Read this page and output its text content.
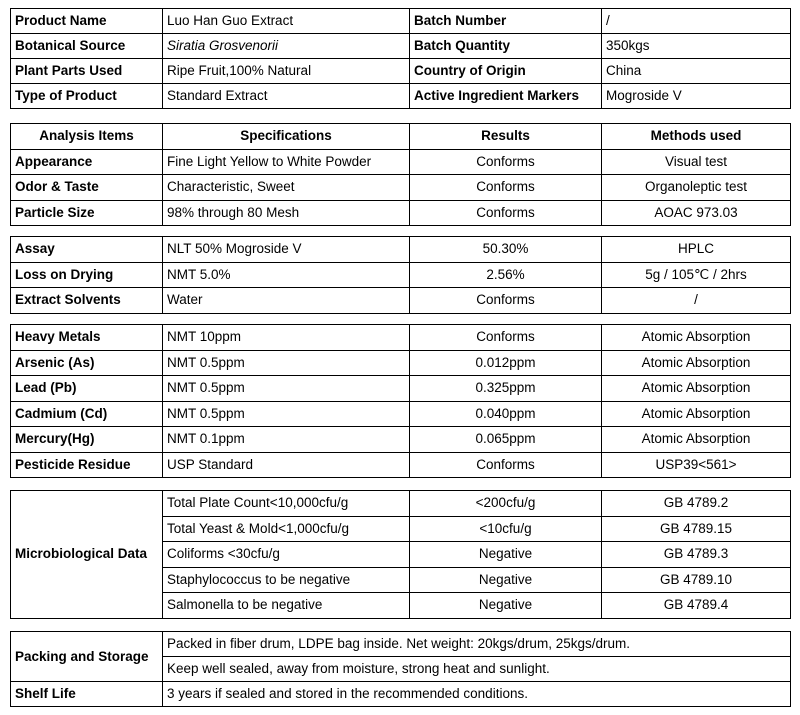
Product Name	Luo Han Guo Extract	Batch Number	/
Botanical Source	Siratia Grosvenorii	Batch Quantity	350kgs
Plant Parts Used	Ripe Fruit,100% Natural	Country of Origin	China
Type of Product	Standard Extract	Active Ingredient Markers	Mogroside V
Analysis Items	Specifications	Results	Methods used
Appearance	Fine Light Yellow to White Powder	Conforms	Visual test
Odor & Taste	Characteristic, Sweet	Conforms	Organoleptic test
Particle Size	98% through 80 Mesh	Conforms	AOAC 973.03
Assay	NLT 50% Mogroside V	50.30%	HPLC
Loss on Drying	NMT 5.0%	2.56%	5g / 105℃ / 2hrs
Extract Solvents	Water	Conforms	/
Heavy Metals	NMT 10ppm	Conforms	Atomic Absorption
Arsenic (As)	NMT 0.5ppm	0.012ppm	Atomic Absorption
Lead (Pb)	NMT 0.5ppm	0.325ppm	Atomic Absorption
Cadmium (Cd)	NMT 0.5ppm	0.040ppm	Atomic Absorption
Mercury(Hg)	NMT 0.1ppm	0.065ppm	Atomic Absorption
Pesticide Residue	USP Standard	Conforms	USP39<561>
Microbiological Data	Total Plate Count<10,000cfu/g	<200cfu/g	GB 4789.2
	Total Yeast & Mold<1,000cfu/g	<10cfu/g	GB 4789.15
	Coliforms <30cfu/g	Negative	GB 4789.3
	Staphylococcus to be negative	Negative	GB 4789.10
	Salmonella to be negative	Negative	GB 4789.4
Packing and Storage	Packed in fiber drum, LDPE bag inside. Net weight: 20kgs/drum, 25kgs/drum.
	Keep well sealed, away from moisture, strong heat and sunlight.
Shelf Life	3 years if sealed and stored in the recommended conditions.
